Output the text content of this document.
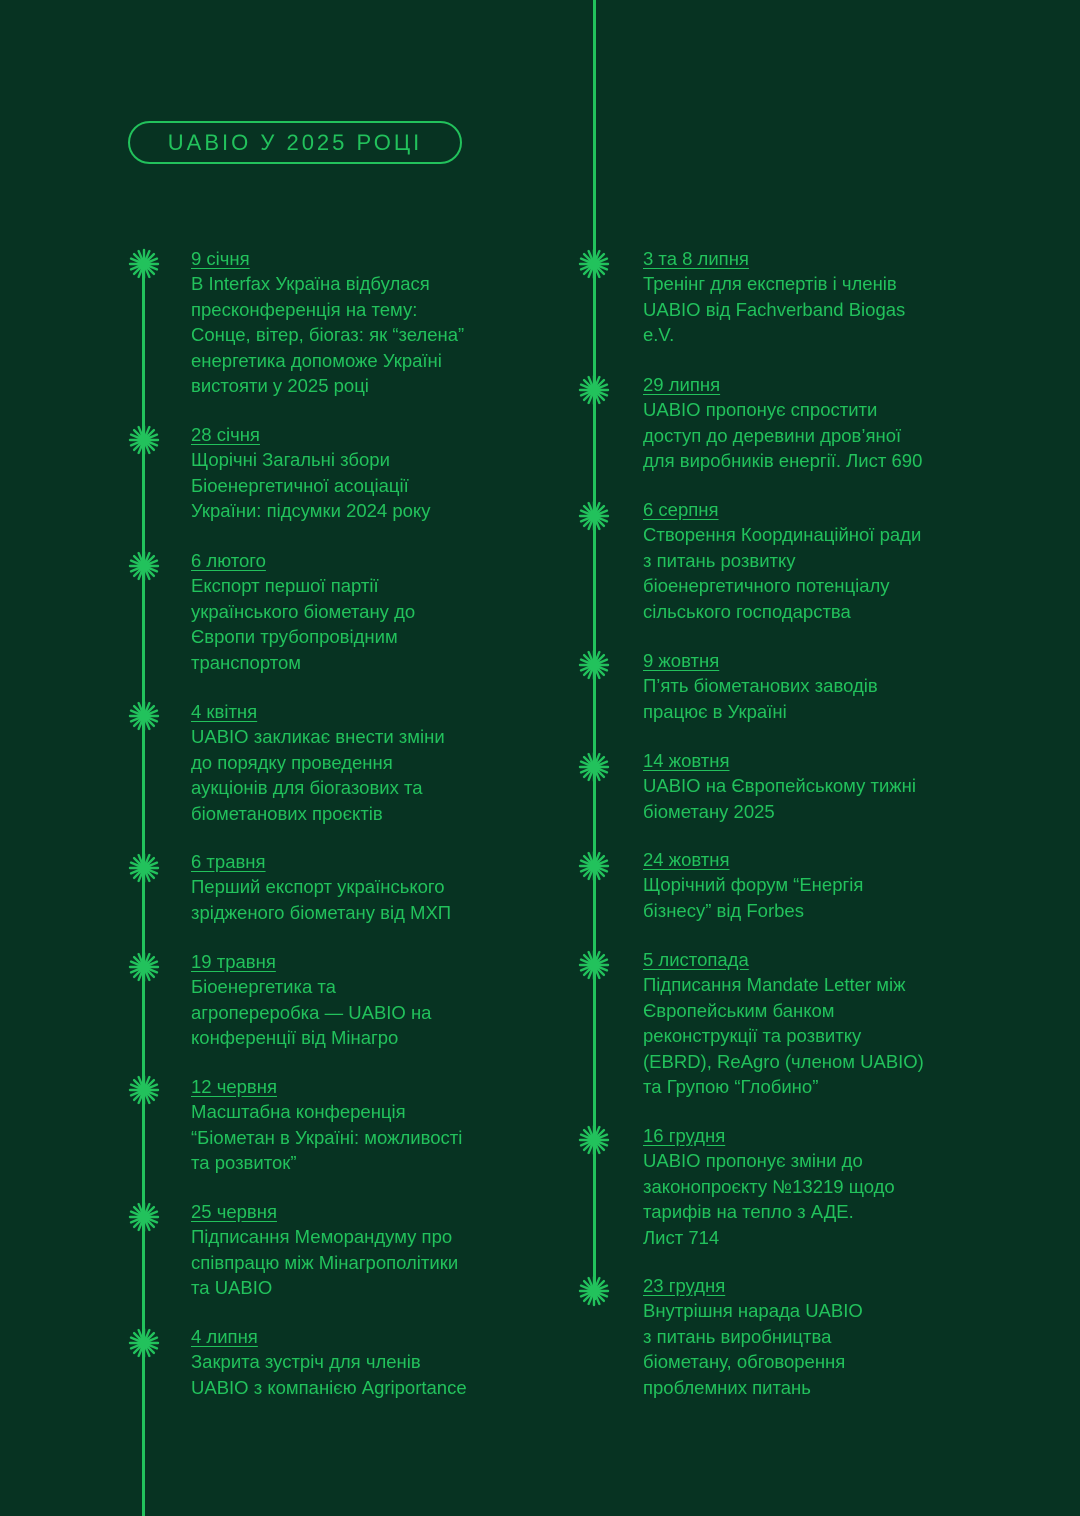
UABIO У 2025 РОЦІ
9 січня
В Interfax Україна відбулася
пресконференція на тему:
Сонце, вітер, біогаз: як “зелена”
енергетика допоможе Україні
вистояти у 2025 році
28 січня
Щорічні Загальні збори
Біоенергетичної асоціації
України: підсумки 2024 року
6 лютого
Експорт першої партії
українського біометану до
Європи трубопровідним
транспортом
4 квітня
UABIO закликає внести зміни
до порядку проведення
аукціонів для біогазових та
біометанових проєктів
6 травня
Перший експорт українського
зрідженого біометану від МХП
19 травня
Біоенергетика та
агропереробка — UABIO на
конференції від Мінагро
12 червня
Масштабна конференція
“Біометан в Україні: можливості
та розвиток”
25 червня
Підписання Меморандуму про
співпрацю між Мінагрополітики
та UABIO
4 липня
Закрита зустріч для членів
UABIO з компанією Agriportance
3 та 8 липня
Тренінг для експертів і членів
UABIO від Fachverband Biogas
e.V.
29 липня
UABIO пропонує спростити
доступ до деревини дров’яної
для виробників енергії. Лист 690
6 серпня
Створення Координаційної ради
з питань розвитку
біоенергетичного потенціалу
сільського господарства
9 жовтня
П’ять біометанових заводів
працює в Україні
14 жовтня
UABIO на Європейському тижні
біометану 2025
24 жовтня
Щорічний форум “Енергія
бізнесу” від Forbes
5 листопада
Підписання Mandate Letter між
Європейським банком
реконструкції та розвитку
(EBRD), ReAgro (членом UABIO)
та Групою “Глобино”
16 грудня
UABIO пропонує зміни до
законопроєкту №13219 щодо
тарифів на тепло з АДЕ.
Лист 714
23 грудня
Внутрішня нарада UABIO
з питань виробництва
біометану, обговорення
проблемних питань
